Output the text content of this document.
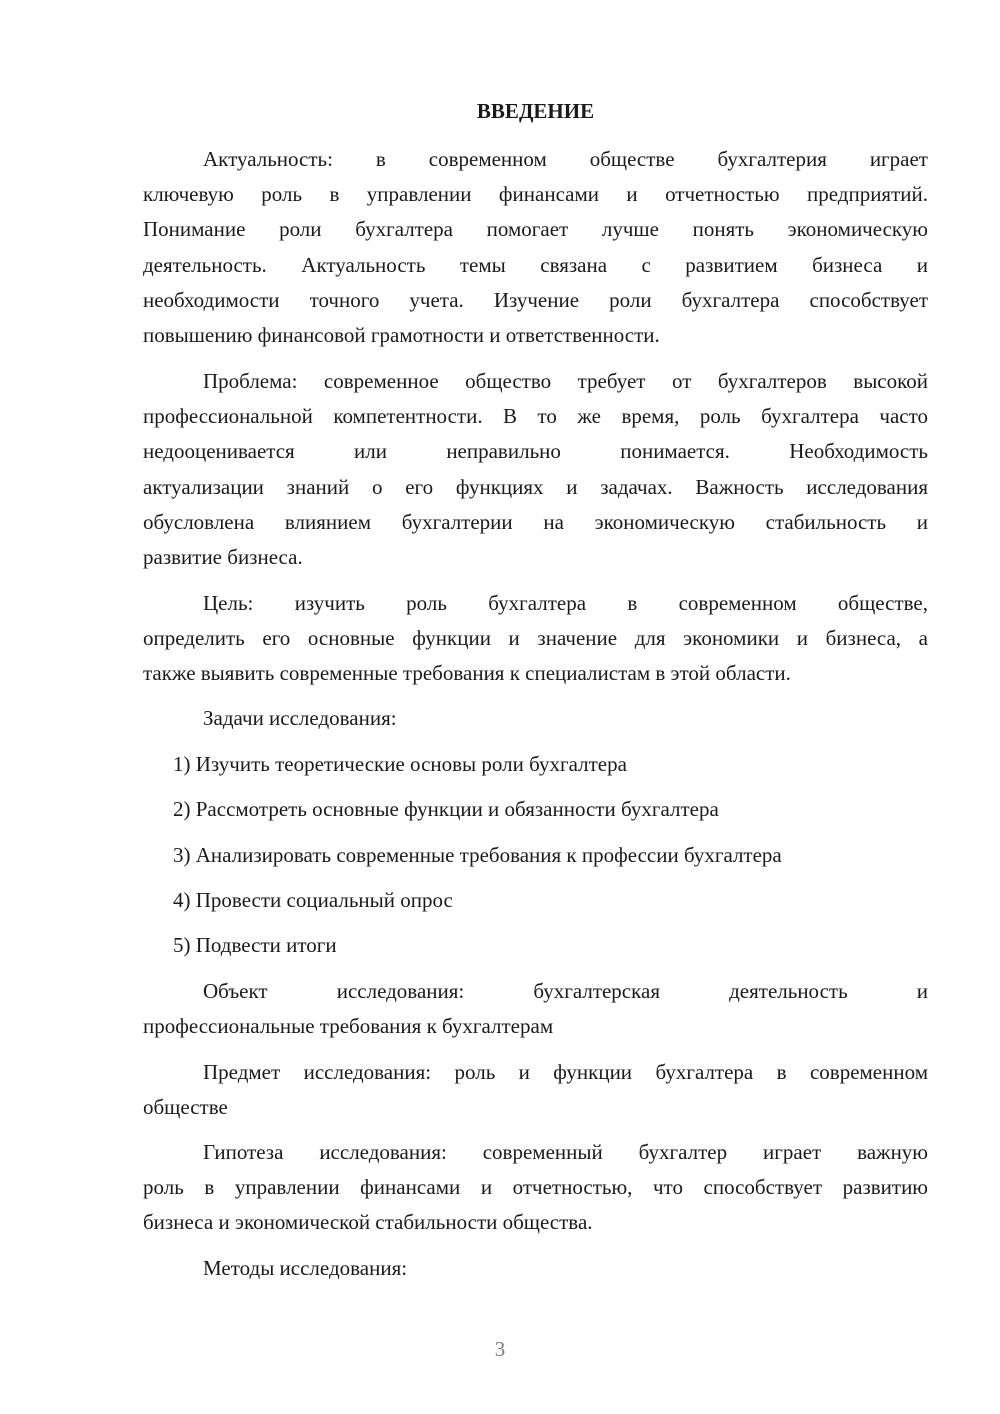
ВВЕДЕНИЕ
Актуальность: в современном обществе бухгалтерия играет
ключевую роль в управлении финансами и отчетностью предприятий.
Понимание роли бухгалтера помогает лучше понять экономическую
деятельность. Актуальность темы связана с развитием бизнеса и
необходимости точного учета. Изучение роли бухгалтера способствует
повышению финансовой грамотности и ответственности.
Проблема: современное общество требует от бухгалтеров высокой
профессиональной компетентности. В то же время, роль бухгалтера часто
недооценивается или неправильно понимается. Необходимость
актуализации знаний о его функциях и задачах. Важность исследования
обусловлена влиянием бухгалтерии на экономическую стабильность и
развитие бизнеса.
Цель: изучить роль бухгалтера в современном обществе,
определить его основные функции и значение для экономики и бизнеса, а
также выявить современные требования к специалистам в этой области.
Задачи исследования:
1) Изучить теоретические основы роли бухгалтера
2) Рассмотреть основные функции и обязанности бухгалтера
3) Анализировать современные требования к профессии бухгалтера
4) Провести социальный опрос
5) Подвести итоги
Объект исследования: бухгалтерская деятельность и
профессиональные требования к бухгалтерам
Предмет исследования: роль и функции бухгалтера в современном
обществе
Гипотеза исследования: современный бухгалтер играет важную
роль в управлении финансами и отчетностью, что способствует развитию
бизнеса и экономической стабильности общества.
Методы исследования:
3
